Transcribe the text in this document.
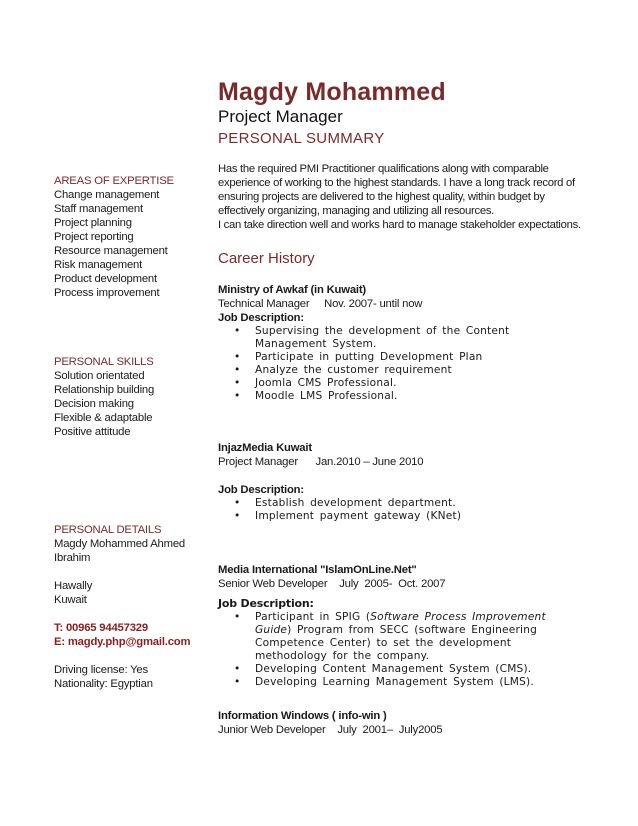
Magdy Mohammed
Project Manager
PERSONAL SUMMARY
Has the required PMI Practitioner qualifications along with comparable
experience of working to the highest standards. I have a long track record of
ensuring projects are delivered to the highest quality, within budget by
effectively organizing, managing and utilizing all resources.
I can take direction well and works hard to manage stakeholder expectations.
Career History
AREAS OF EXPERTISE
Change management
Staff management
Project planning
Project reporting
Resource management
Risk management
Product development
Process improvement
PERSONAL SKILLS
Solution orientated
Relationship building
Decision making
Flexible & adaptable
Positive attitude
PERSONAL DETAILS
Magdy Mohammed Ahmed
Ibrahim
Hawally
Kuwait
T: 00965 94457329
E: magdy.php@gmail.com
Driving license: Yes
Nationality: Egyptian
Ministry of Awkaf (in Kuwait)
Technical Manager     Nov. 2007- until now
Job Description:
• Supervising the development of the Content Management System.
• Participate in putting Development Plan
• Analyze the customer requirement
• Joomla CMS Professional.
• Moodle LMS Professional.
InjazMedia Kuwait
Project Manager      Jan.2010 – June 2010
Job Description:
• Establish development department.
• Implement payment gateway (KNet)
Media International "IslamOnLine.Net"
Senior Web Developer    July  2005-  Oct. 2007
Job Description:
• Participant in SPIG (Software Process Improvement Guide) Program from SECC (software Engineering Competence Center) to set the development methodology for the company.
• Developing Content Management System (CMS).
• Developing Learning Management System (LMS).
Information Windows ( info-win )
Junior Web Developer    July  2001–  July2005
